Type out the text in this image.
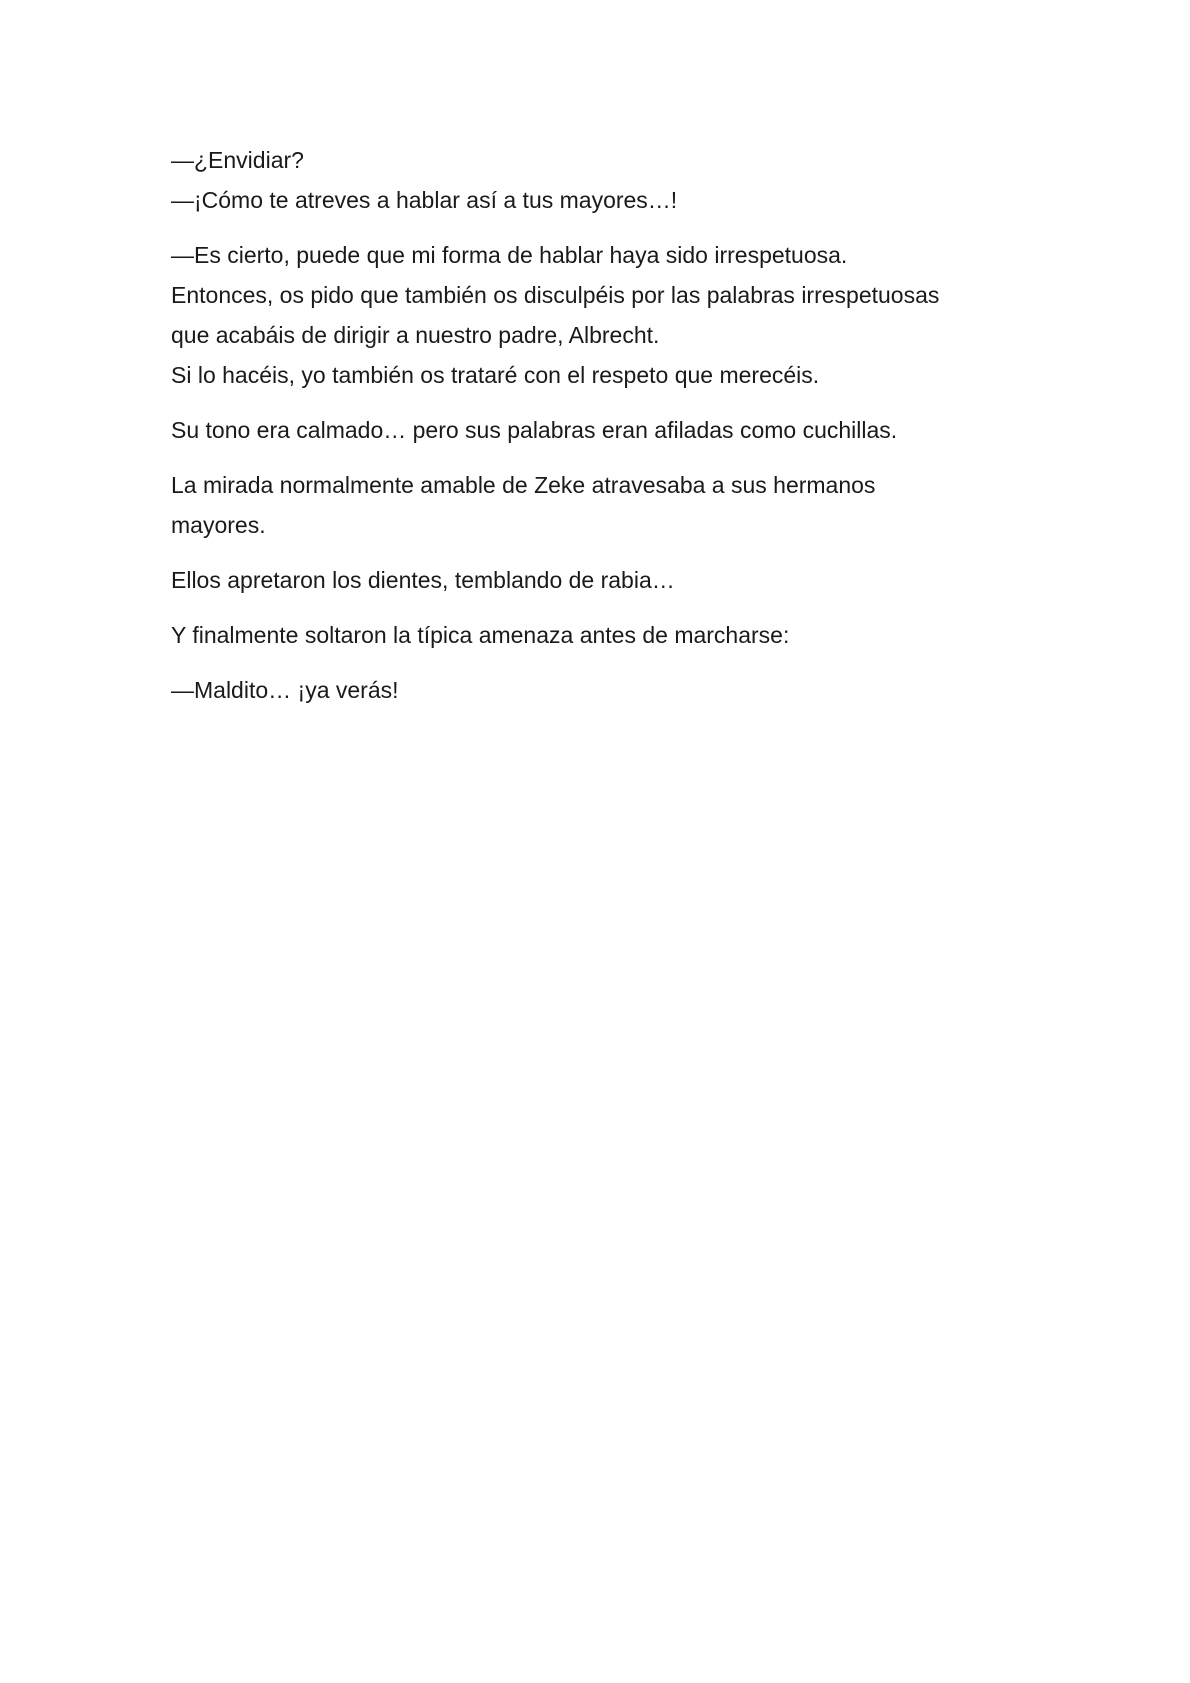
—¿Envidiar?
—¡Cómo te atreves a hablar así a tus mayores…!

—Es cierto, puede que mi forma de hablar haya sido irrespetuosa.
Entonces, os pido que también os disculpéis por las palabras irrespetuosas
que acabáis de dirigir a nuestro padre, Albrecht.
Si lo hacéis, yo también os trataré con el respeto que merecéis.

Su tono era calmado… pero sus palabras eran afiladas como cuchillas.

La mirada normalmente amable de Zeke atravesaba a sus hermanos
mayores.

Ellos apretaron los dientes, temblando de rabia…

Y finalmente soltaron la típica amenaza antes de marcharse:

—Maldito… ¡ya verás!
